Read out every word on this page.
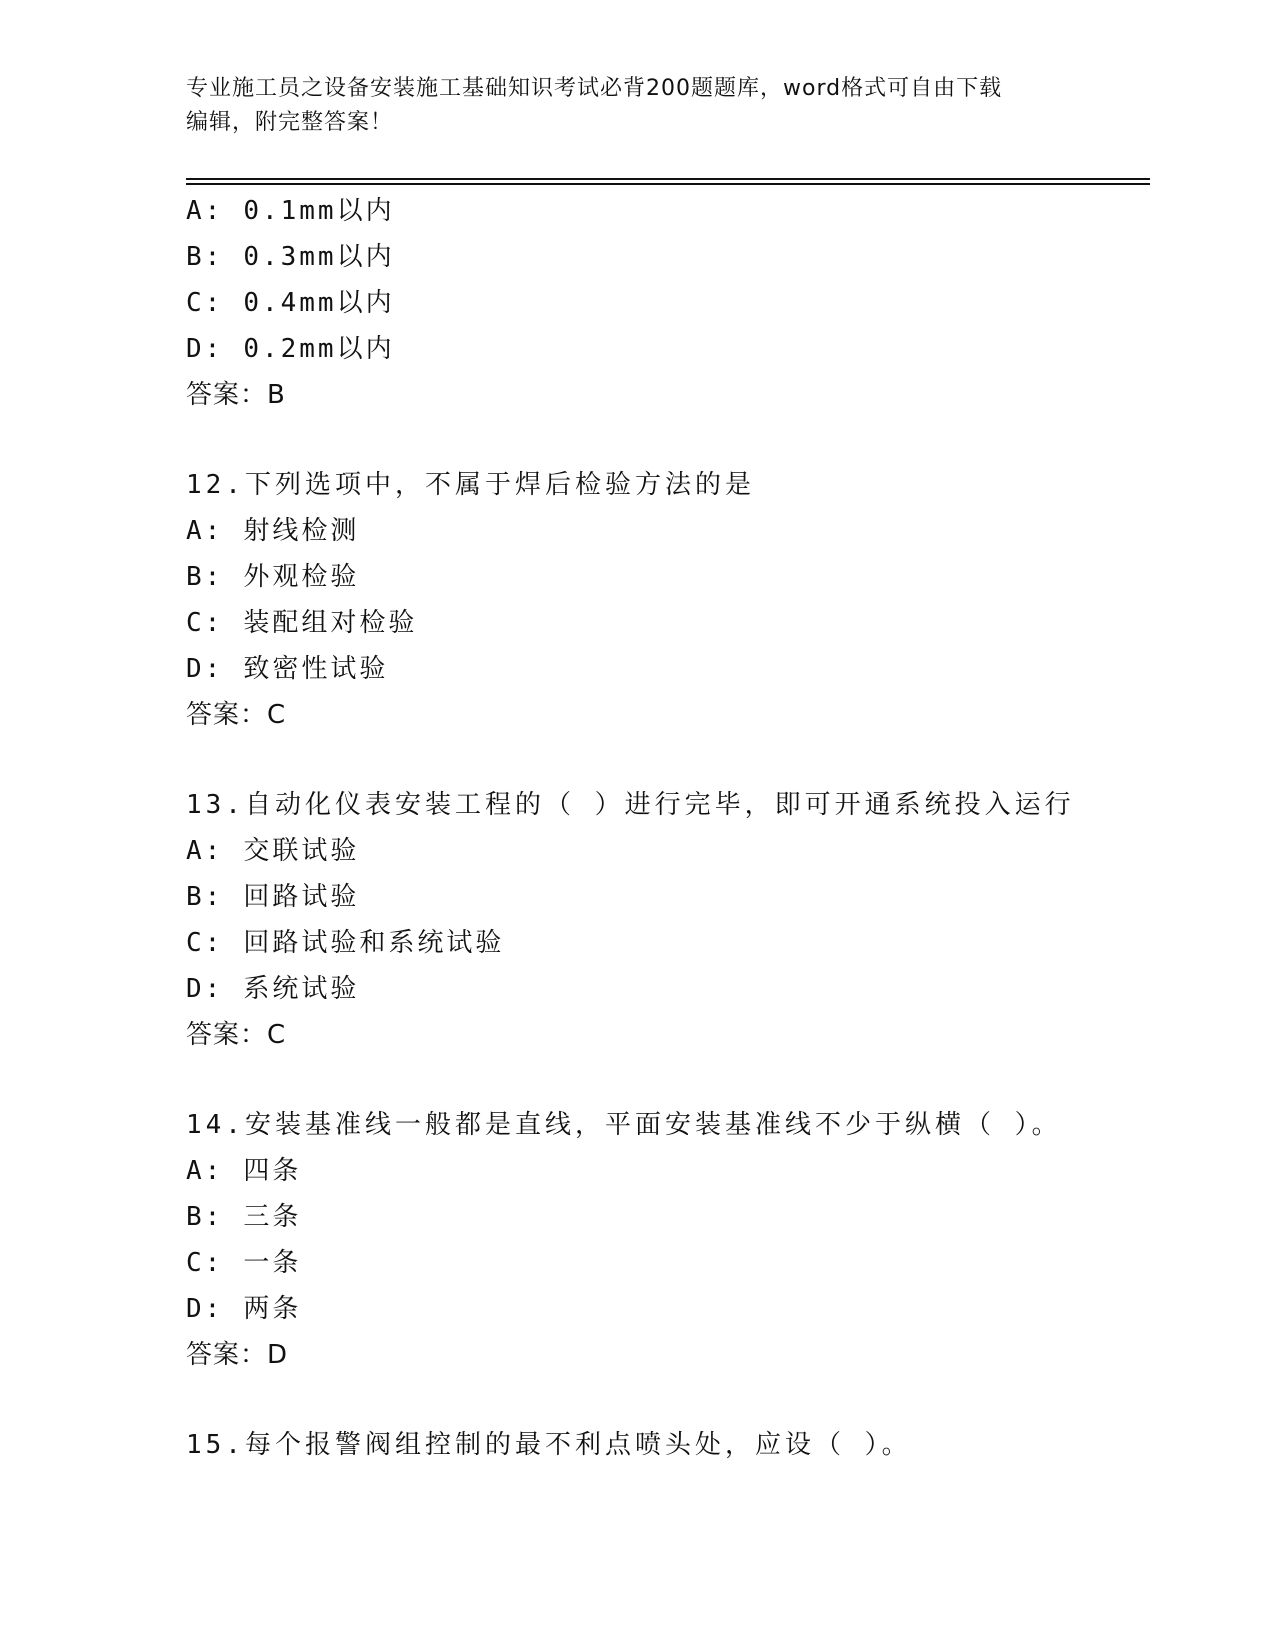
专业施工员之设备安装施工基础知识考试必背200题题库，word格式可自由下载
编辑，附完整答案！
A: 0.1mm以内
B: 0.3mm以内
C: 0.4mm以内
D: 0.2mm以内
答案：B
12.下列选项中，不属于焊后检验方法的是
A: 射线检测
B: 外观检验
C: 装配组对检验
D: 致密性试验
答案：C
13.自动化仪表安装工程的（ ）进行完毕，即可开通系统投入运行
A: 交联试验
B: 回路试验
C: 回路试验和系统试验
D: 系统试验
答案：C
14.安装基准线一般都是直线，平面安装基准线不少于纵横（ ）。
A: 四条
B: 三条
C: 一条
D: 两条
答案：D
15.每个报警阀组控制的最不利点喷头处，应设（ ）。
